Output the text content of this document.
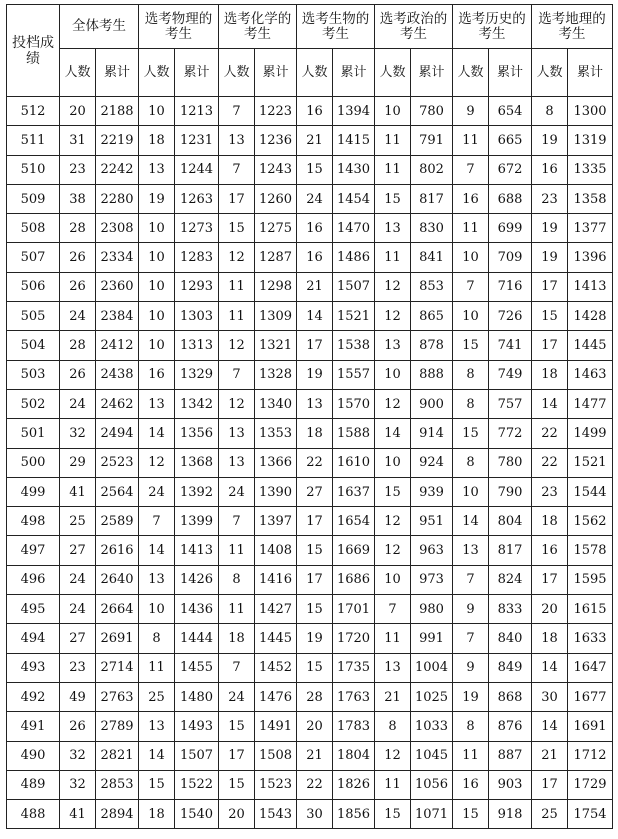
投档成绩	全体考生		选考物理的考生		选考化学的考生		选考生物的考生		选考政治的考生		选考历史的考生		选考地理的考生	
	人数	累计	人数	累计	人数	累计	人数	累计	人数	累计	人数	累计	人数	累计
512	20	2188	10	1213	7	1223	16	1394	10	780	9	654	8	1300
511	31	2219	18	1231	13	1236	21	1415	11	791	11	665	19	1319
510	23	2242	13	1244	7	1243	15	1430	11	802	7	672	16	1335
509	38	2280	19	1263	17	1260	24	1454	15	817	16	688	23	1358
508	28	2308	10	1273	15	1275	16	1470	13	830	11	699	19	1377
507	26	2334	10	1283	12	1287	16	1486	11	841	10	709	19	1396
506	26	2360	10	1293	11	1298	21	1507	12	853	7	716	17	1413
505	24	2384	10	1303	11	1309	14	1521	12	865	10	726	15	1428
504	28	2412	10	1313	12	1321	17	1538	13	878	15	741	17	1445
503	26	2438	16	1329	7	1328	19	1557	10	888	8	749	18	1463
502	24	2462	13	1342	12	1340	13	1570	12	900	8	757	14	1477
501	32	2494	14	1356	13	1353	18	1588	14	914	15	772	22	1499
500	29	2523	12	1368	13	1366	22	1610	10	924	8	780	22	1521
499	41	2564	24	1392	24	1390	27	1637	15	939	10	790	23	1544
498	25	2589	7	1399	7	1397	17	1654	12	951	14	804	18	1562
497	27	2616	14	1413	11	1408	15	1669	12	963	13	817	16	1578
496	24	2640	13	1426	8	1416	17	1686	10	973	7	824	17	1595
495	24	2664	10	1436	11	1427	15	1701	7	980	9	833	20	1615
494	27	2691	8	1444	18	1445	19	1720	11	991	7	840	18	1633
493	23	2714	11	1455	7	1452	15	1735	13	1004	9	849	14	1647
492	49	2763	25	1480	24	1476	28	1763	21	1025	19	868	30	1677
491	26	2789	13	1493	15	1491	20	1783	8	1033	8	876	14	1691
490	32	2821	14	1507	17	1508	21	1804	12	1045	11	887	21	1712
489	32	2853	15	1522	15	1523	22	1826	11	1056	16	903	17	1729
488	41	2894	18	1540	20	1543	30	1856	15	1071	15	918	25	1754
